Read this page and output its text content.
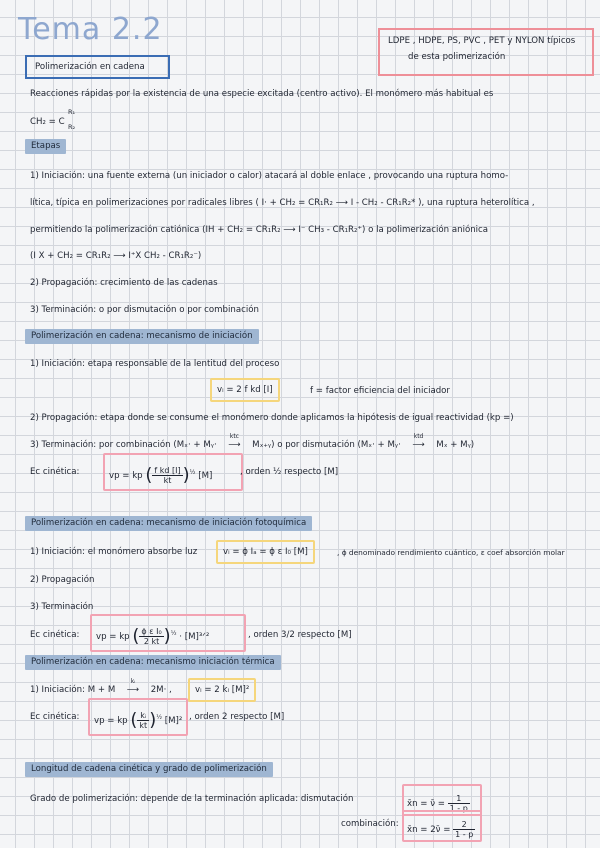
Tema 2.2	LDPE , HDPE, PS, PVC , PET y NYLON típicos
de esta polimerización
Polimerización en cadena
Reacciones rápidas por la existencia de una especie excitada (centro activo). El monómero más habitual es
CH₂ = C
R₁
R₂
Etapas
1) Iniciación: una fuente externa (un iniciador o calor) atacará al doble enlace , provocando una ruptura homo-
lítica, típica en polimerizaciones por radicales libres ( I· + CH₂ = CR₁R₂ ⟶ I - CH₂ - CR₁R₂* ), una ruptura heterolítica ,
permitiendo la polimerización catiónica (IH + CH₂ = CR₁R₂ ⟶ I⁻ CH₃ - CR₁R₂⁺) o la polimerización aniónica
(I X + CH₂ = CR₁R₂ ⟶ I⁺X CH₂ - CR₁R₂⁻)
2) Propagación: crecimiento de las cadenas
3) Terminación: o por dismutación o por combinación
Polimerización en cadena: mecanismo de iniciación
1) Iniciación: etapa responsable de la lentitud del proceso
vᵢ = 2 f kd [I]	f = factor eficiencia del iniciador
2) Propagación: etapa donde se consume el monómero donde aplicamos la hipótesis de igual reactividad (kp =)
3) Terminación: por combinación (Mₓ· + Mᵧ·
ktc
⟶ Mₓ₊ᵧ) o por dismutación (Mₓ· + Mᵧ·
ktd
⟶ Mₓ + Mᵧ)
Ec cinética:	vp = kp ( $\frac{\text{f kd [I]}}{kt} )^{\frac{1}{2}}$ [M]	, orden ½ respecto [M]
Polimerización en cadena: mecanismo de iniciación fotoquímica
1) Iniciación: el monómero absorbe luz	vᵢ = ϕ Iₐ = ϕ ε I₀ [M]	, ϕ denominado rendimiento cuántico, ε coef absorción molar
2) Propagación
3) Terminación
Ec cinética: vp = kp ( $\frac{\text{ϕ ε I₀}}{2 kt} )^{\frac{1}{2}}$ · [M]³ᐟ²	, orden 3/2 respecto [M]
Polimerización en cadena: mecanismo iniciación térmica
1) Iniciación: M + M
kᵢ
⟶ 2M· ,	vᵢ = 2 kᵢ [M]²
Ec cinética: vp = kp ( $\frac{\text{kᵢ}}{kt} )^{\frac{1}{2}}$ [M]² , orden 2 respecto [M]
Longitud de cadena cinética y grado de polimerización
Grado de polimerización: depende de la terminación aplicada: dismutación	x̄n = ν̄ = $\frac{1}{1 - p}$
combinación:
x̄n = 2ν̄ = $\frac{2}{1 - p}$
